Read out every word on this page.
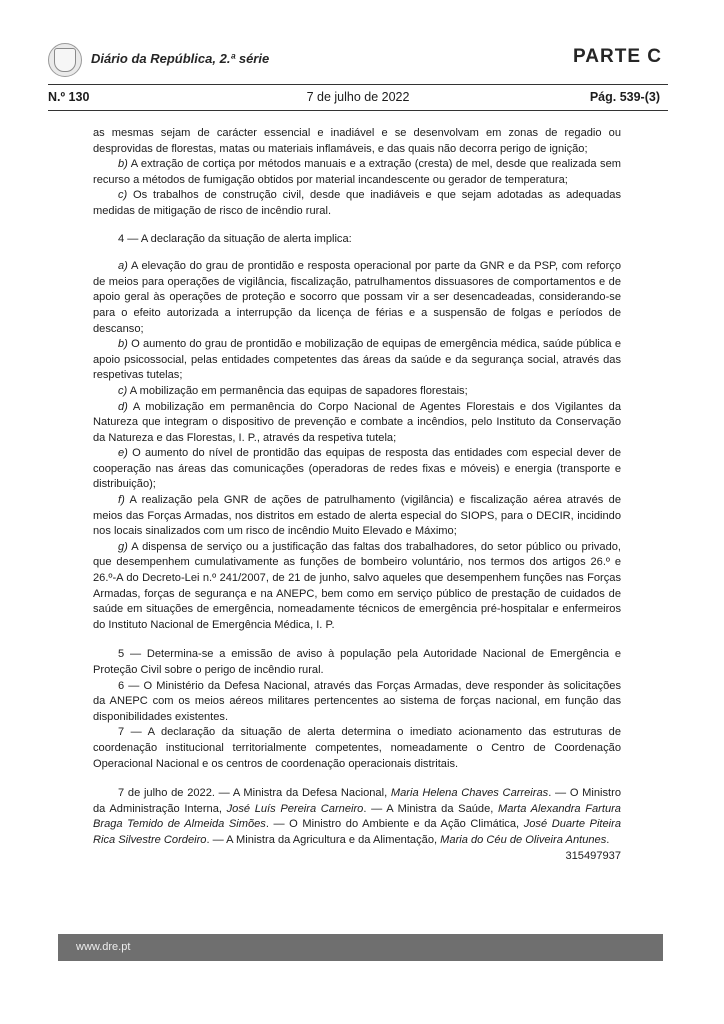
Diário da República, 2.ª série	PARTE C
N.º 130	7 de julho de 2022	Pág. 539-(3)

as mesmas sejam de carácter essencial e inadiável e se desenvolvam em zonas de regadio ou desprovidas de florestas, matas ou materiais inflamáveis, e das quais não decorra perigo de ignição;

b) A extração de cortiça por métodos manuais e a extração (cresta) de mel, desde que realizada sem recurso a métodos de fumigação obtidos por material incandescente ou gerador de temperatura;

c) Os trabalhos de construção civil, desde que inadiáveis e que sejam adotadas as adequadas medidas de mitigação de risco de incêndio rural.

4 — A declaração da situação de alerta implica:

a) A elevação do grau de prontidão e resposta operacional por parte da GNR e da PSP, com reforço de meios para operações de vigilância, fiscalização, patrulhamentos dissuasores de comportamentos e de apoio geral às operações de proteção e socorro que possam vir a ser desencadeadas, considerando-se para o efeito autorizada a interrupção da licença de férias e a suspensão de folgas e períodos de descanso;

b) O aumento do grau de prontidão e mobilização de equipas de emergência médica, saúde pública e apoio psicossocial, pelas entidades competentes das áreas da saúde e da segurança social, através das respetivas tutelas;

c) A mobilização em permanência das equipas de sapadores florestais;

d) A mobilização em permanência do Corpo Nacional de Agentes Florestais e dos Vigilantes da Natureza que integram o dispositivo de prevenção e combate a incêndios, pelo Instituto da Conservação da Natureza e das Florestas, I. P., através da respetiva tutela;

e) O aumento do nível de prontidão das equipas de resposta das entidades com especial dever de cooperação nas áreas das comunicações (operadoras de redes fixas e móveis) e energia (transporte e distribuição);

f) A realização pela GNR de ações de patrulhamento (vigilância) e fiscalização aérea através de meios das Forças Armadas, nos distritos em estado de alerta especial do SIOPS, para o DECIR, incidindo nos locais sinalizados com um risco de incêndio Muito Elevado e Máximo;

g) A dispensa de serviço ou a justificação das faltas dos trabalhadores, do setor público ou privado, que desempenhem cumulativamente as funções de bombeiro voluntário, nos termos dos artigos 26.º e 26.º-A do Decreto-Lei n.º 241/2007, de 21 de junho, salvo aqueles que desempenhem funções nas Forças Armadas, forças de segurança e na ANEPC, bem como em serviço público de prestação de cuidados de saúde em situações de emergência, nomeadamente técnicos de emergência pré-hospitalar e enfermeiros do Instituto Nacional de Emergência Médica, I. P.

5 — Determina-se a emissão de aviso à população pela Autoridade Nacional de Emergência e Proteção Civil sobre o perigo de incêndio rural.

6 — O Ministério da Defesa Nacional, através das Forças Armadas, deve responder às solicitações da ANEPC com os meios aéreos militares pertencentes ao sistema de forças nacional, em função das disponibilidades existentes.

7 — A declaração da situação de alerta determina o imediato acionamento das estruturas de coordenação institucional territorialmente competentes, nomeadamente o Centro de Coordenação Operacional Nacional e os centros de coordenação operacionais distritais.

7 de julho de 2022. — A Ministra da Defesa Nacional, Maria Helena Chaves Carreiras. — O Ministro da Administração Interna, José Luís Pereira Carneiro. — A Ministra da Saúde, Marta Alexandra Fartura Braga Temido de Almeida Simões. — O Ministro do Ambiente e da Ação Climática, José Duarte Piteira Rica Silvestre Cordeiro. — A Ministra da Agricultura e da Alimentação, Maria do Céu de Oliveira Antunes.

315497937

www.dre.pt
